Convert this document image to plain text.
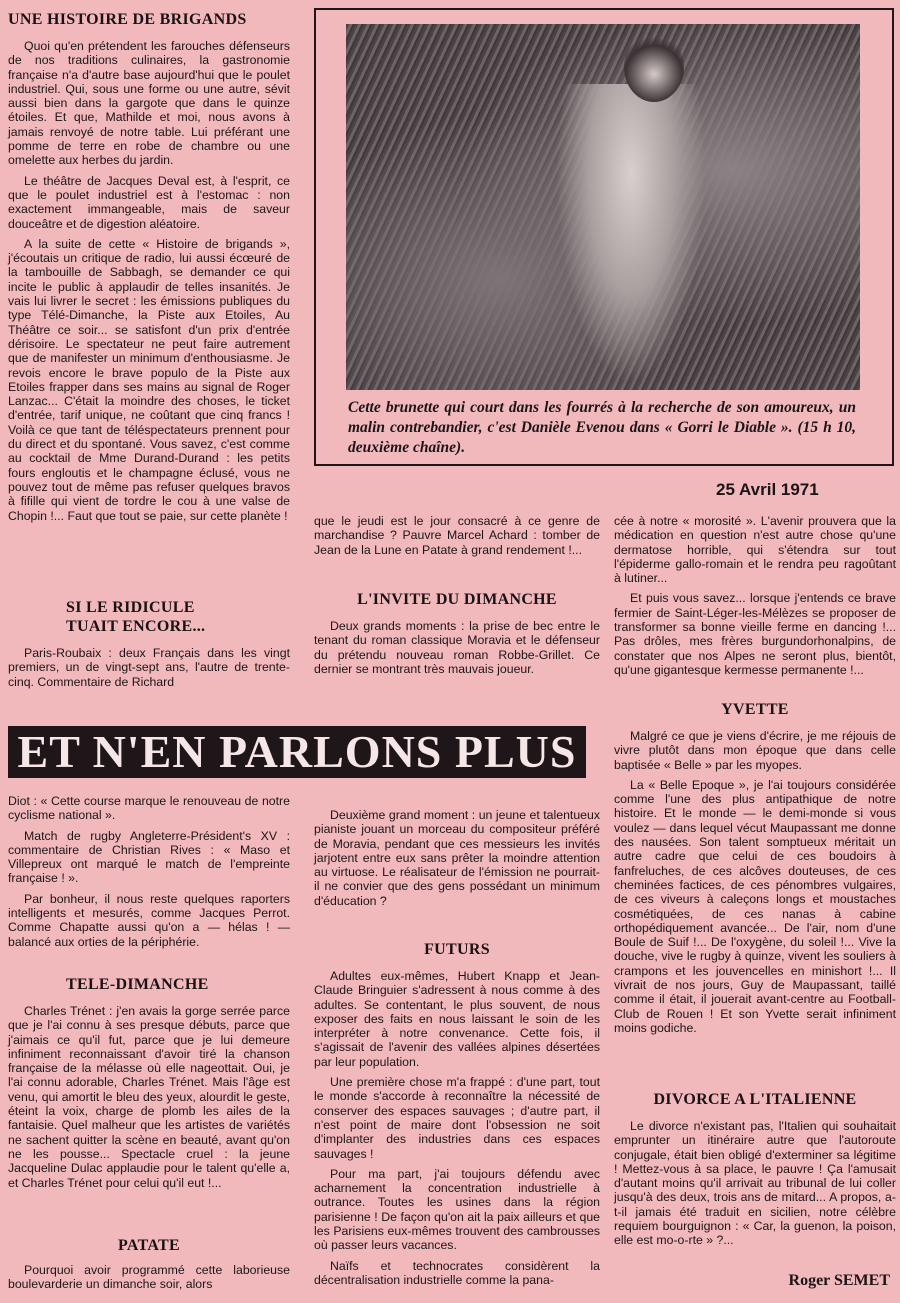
UNE HISTOIRE DE BRIGANDS

Quoi qu'en prétendent les farouches défenseurs de nos traditions culinaires, la gastronomie française n'a d'autre base aujourd'hui que le poulet industriel. Qui, sous une forme ou une autre, sévit aussi bien dans la gargote que dans le quinze étoiles. Et que, Mathilde et moi, nous avons à jamais renvoyé de notre table. Lui préférant une pomme de terre en robe de chambre ou une omelette aux herbes du jardin.

Le théâtre de Jacques Deval est, à l'esprit, ce que le poulet industriel est à l'estomac : non exactement immangeable, mais de saveur douceâtre et de digestion aléatoire.

A la suite de cette « Histoire de brigands », j'écoutais un critique de radio, lui aussi écœuré de la tambouille de Sabbagh, se demander ce qui incite le public à applaudir de telles insanités. Je vais lui livrer le secret : les émissions publiques du type Télé-Dimanche, la Piste aux Etoiles, Au Théâtre ce soir... se satisfont d'un prix d'entrée dérisoire. Le spectateur ne peut faire autrement que de manifester un minimum d'enthousiasme. Je revois encore le brave populo de la Piste aux Etoiles frapper dans ses mains au signal de Roger Lanzac... C'était la moindre des choses, le ticket d'entrée, tarif unique, ne coûtant que cinq francs ! Voilà ce que tant de téléspectateurs prennent pour du direct et du spontané. Vous savez, c'est comme au cocktail de Mme Durand-Durand : les petits fours engloutis et le champagne éclusé, vous ne pouvez tout de même pas refuser quelques bravos à fifille qui vient de tordre le cou à une valse de Chopin !... Faut que tout se paie, sur cette planète !

SI LE RIDICULE
TUAIT ENCORE...

Paris-Roubaix : deux Français dans les vingt premiers, un de vingt-sept ans, l'autre de trente-cinq. Commentaire de Richard

Cette brunette qui court dans les fourrés à la recherche de son amoureux, un malin contrebandier, c'est Danièle Evenou dans « Gorri le Diable ». (15 h 10, deuxième chaîne).
25 Avril 1971

que le jeudi est le jour consacré à ce genre de marchandise ? Pauvre Marcel Achard : tomber de Jean de la Lune en Patate à grand rendement !...

L'INVITE DU DIMANCHE

Deux grands moments : la prise de bec entre le tenant du roman classique Moravia et le défenseur du prétendu nouveau roman Robbe-Grillet. Ce dernier se montrant très mauvais joueur.

cée à notre « morosité ». L'avenir prouvera que la médication en question n'est autre chose qu'une dermatose horrible, qui s'étendra sur tout l'épiderme gallo-romain et le rendra peu ragoûtant à lutiner...

Et puis vous savez... lorsque j'entends ce brave fermier de Saint-Léger-les-Mélèzes se proposer de transformer sa bonne vieille ferme en dancing !... Pas drôles, mes frères burgundorhonalpins, de constater que nos Alpes ne seront plus, bientôt, qu'une gigantesque kermesse permanente !...

ET N'EN PARLONS PLUS

Diot : « Cette course marque le renouveau de notre cyclisme national ».

Match de rugby Angleterre-Président's XV : commentaire de Christian Rives : « Maso et Villepreux ont marqué le match de l'empreinte française ! ».

Par bonheur, il nous reste quelques raporters intelligents et mesurés, comme Jacques Perrot. Comme Chapatte aussi qu'on a — hélas ! — balancé aux orties de la périphérie.

TELE-DIMANCHE

Charles Trénet : j'en avais la gorge serrée parce que je l'ai connu à ses presque débuts, parce que j'aimais ce qu'il fut, parce que je lui demeure infiniment reconnaissant d'avoir tiré la chanson française de la mélasse où elle nageottait. Oui, je l'ai connu adorable, Charles Trénet. Mais l'âge est venu, qui amortit le bleu des yeux, alourdit le geste, éteint la voix, charge de plomb les ailes de la fantaisie. Quel malheur que les artistes de variétés ne sachent quitter la scène en beauté, avant qu'on ne les pousse... Spectacle cruel : la jeune Jacqueline Dulac applaudie pour le talent qu'elle a, et Charles Trénet pour celui qu'il eut !...

PATATE

Pourquoi avoir programmé cette laborieuse boulevarderie un dimanche soir, alors

Deuxième grand moment : un jeune et talentueux pianiste jouant un morceau du compositeur préféré de Moravia, pendant que ces messieurs les invités jarjotent entre eux sans prêter la moindre attention au virtuose. Le réalisateur de l'émission ne pourrait-il ne convier que des gens possédant un minimum d'éducation ?

FUTURS

Adultes eux-mêmes, Hubert Knapp et Jean-Claude Bringuier s'adressent à nous comme à des adultes. Se contentant, le plus souvent, de nous exposer des faits en nous laissant le soin de les interpréter à notre convenance. Cette fois, il s'agissait de l'avenir des vallées alpines désertées par leur population.

Une première chose m'a frappé : d'une part, tout le monde s'accorde à reconnaître la nécessité de conserver des espaces sauvages ; d'autre part, il n'est point de maire dont l'obsession ne soit d'implanter des industries dans ces espaces sauvages !

Pour ma part, j'ai toujours défendu avec acharnement la concentration industrielle à outrance. Toutes les usines dans la région parisienne ! De façon qu'on ait la paix ailleurs et que les Parisiens eux-mêmes trouvent des cambrousses où passer leurs vacances.

Naïfs et technocrates considèrent la décentralisation industrielle comme la pana-

YVETTE

Malgré ce que je viens d'écrire, je me réjouis de vivre plutôt dans mon époque que dans celle baptisée « Belle » par les myopes.

La « Belle Epoque », je l'ai toujours considérée comme l'une des plus antipathique de notre histoire. Et le monde — le demi-monde si vous voulez — dans lequel vécut Maupassant me donne des nausées. Son talent somptueux méritait un autre cadre que celui de ces boudoirs à fanfreluches, de ces alcôves douteuses, de ces cheminées factices, de ces pénombres vulgaires, de ces viveurs à caleçons longs et moustaches cosmétiquées, de ces nanas à cabine orthopédiquement avancée... De l'air, nom d'une Boule de Suif !... De l'oxygène, du soleil !... Vive la douche, vive le rugby à quinze, vivent les souliers à crampons et les jouvencelles en minishort !... Il vivrait de nos jours, Guy de Maupassant, taillé comme il était, il jouerait avant-centre au Football-Club de Rouen ! Et son Yvette serait infiniment moins godiche.

DIVORCE A L'ITALIENNE

Le divorce n'existant pas, l'Italien qui souhaitait emprunter un itinéraire autre que l'autoroute conjugale, était bien obligé d'exterminer sa légitime ! Mettez-vous à sa place, le pauvre ! Ça l'amusait d'autant moins qu'il arrivait au tribunal de lui coller jusqu'à des deux, trois ans de mitard... A propos, a-t-il jamais été traduit en sicilien, notre célèbre requiem bourguignon : « Car, la guenon, la poison, elle est mo-o-rte » ?...

Roger SEMET
